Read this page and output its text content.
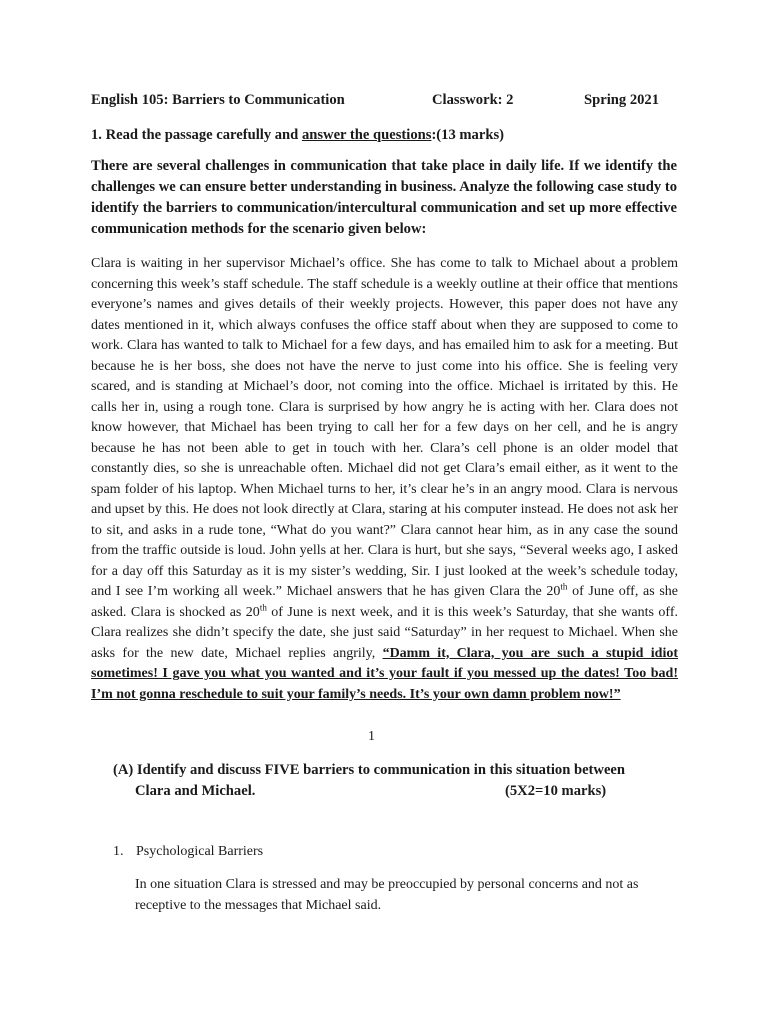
English 105: Barriers to Communication	Classwork: 2	Spring 2021
1. Read the passage carefully and answer the questions:(13 marks)
There are several challenges in communication that take place in daily life. If we identify the challenges we can ensure better understanding in business. Analyze the following case study to identify the barriers to communication/intercultural communication and set up more effective communication methods for the scenario given below:
Clara is waiting in her supervisor Michael’s office. She has come to talk to Michael about a problem concerning this week’s staff schedule. The staff schedule is a weekly outline at their office that mentions everyone’s names and gives details of their weekly projects. However, this paper does not have any dates mentioned in it, which always confuses the office staff about when they are supposed to come to work. Clara has wanted to talk to Michael for a few days, and has emailed him to ask for a meeting. But because he is her boss, she does not have the nerve to just come into his office. She is feeling very scared, and is standing at Michael’s door, not coming into the office. Michael is irritated by this. He calls her in, using a rough tone. Clara is surprised by how angry he is acting with her. Clara does not know however, that Michael has been trying to call her for a few days on her cell, and he is angry because he has not been able to get in touch with her. Clara’s cell phone is an older model that constantly dies, so she is unreachable often. Michael did not get Clara’s email either, as it went to the spam folder of his laptop. When Michael turns to her, it’s clear he’s in an angry mood. Clara is nervous and upset by this. He does not look directly at Clara, staring at his computer instead. He does not ask her to sit, and asks in a rude tone, “What do you want?” Clara cannot hear him, as in any case the sound from the traffic outside is loud. John yells at her. Clara is hurt, but she says, “Several weeks ago, I asked for a day off this Saturday as it is my sister’s wedding, Sir. I just looked at the week’s schedule today, and I see I’m working all week.” Michael answers that he has given Clara the 20th of June off, as she asked. Clara is shocked as 20th of June is next week, and it is this week’s Saturday, that she wants off. Clara realizes she didn’t specify the date, she just said “Saturday” in her request to Michael. When she asks for the new date, Michael replies angrily, “Damm it, Clara, you are such a stupid idiot sometimes! I gave you what you wanted and it’s your fault if you messed up the dates! Too bad! I’m not gonna reschedule to suit your family’s needs. It’s your own damn problem now!”
1
(A) Identify and discuss FIVE barriers to communication in this situation between
Clara and Michael.	(5X2=10 marks)
1. Psychological Barriers
In one situation Clara is stressed and may be preoccupied by personal concerns and not as receptive to the messages that Michael said.
